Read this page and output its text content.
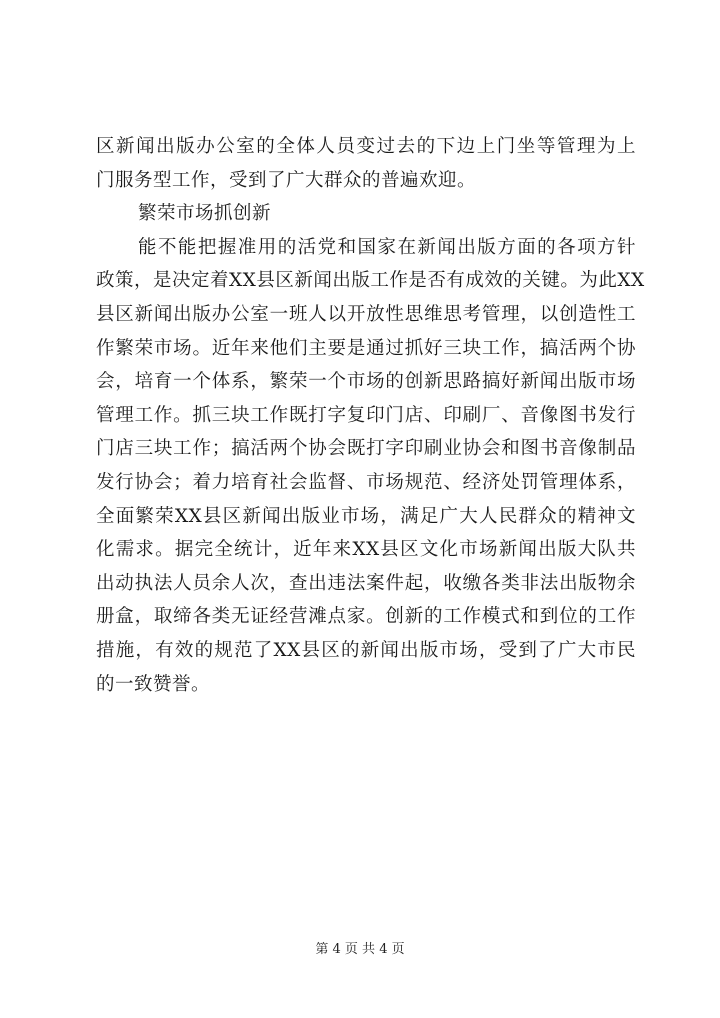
区新闻出版办公室的全体人员变过去的下边上门坐等管理为上
门服务型工作，受到了广大群众的普遍欢迎。
繁荣市场抓创新
能不能把握准用的活党和国家在新闻出版方面的各项方针
政策，是决定着XX县区新闻出版工作是否有成效的关键。为此XX
县区新闻出版办公室一班人以开放性思维思考管理，以创造性工
作繁荣市场。近年来他们主要是通过抓好三块工作，搞活两个协
会，培育一个体系，繁荣一个市场的创新思路搞好新闻出版市场
管理工作。抓三块工作既打字复印门店、印刷厂、音像图书发行
门店三块工作；搞活两个协会既打字印刷业协会和图书音像制品
发行协会；着力培育社会监督、市场规范、经济处罚管理体系，
全面繁荣XX县区新闻出版业市场，满足广大人民群众的精神文
化需求。据完全统计，近年来XX县区文化市场新闻出版大队共
出动执法人员余人次，查出违法案件起，收缴各类非法出版物余
册盒，取缔各类无证经营滩点家。创新的工作模式和到位的工作
措施，有效的规范了XX县区的新闻出版市场，受到了广大市民
的一致赞誉。
第 4 页 共 4 页
